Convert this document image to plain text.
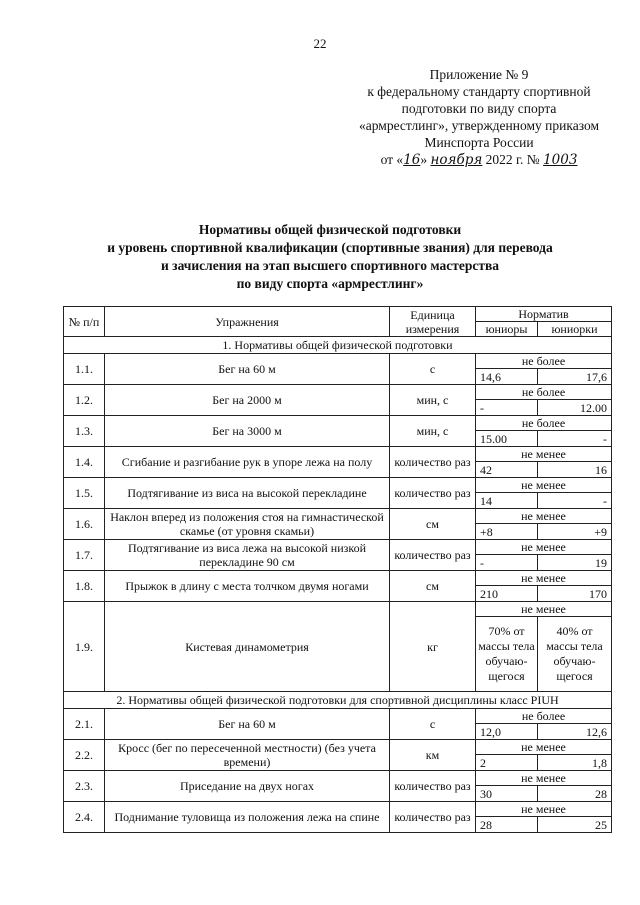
22
Приложение № 9
к федеральному стандарту спортивной
подготовки по виду спорта
«армрестлинг», утвержденному приказом
Минспорта России
от «16» ноября 2022 г. № 1003
Нормативы общей физической подготовки
и уровень спортивной квалификации (спортивные звания) для перевода
и зачисления на этап высшего спортивного мастерства
по виду спорта «армрестлинг»
№ п/п	Упражнения	Единица измерения	Норматив	
			юниоры	юниорки
1. Нормативы общей физической подготовки				
1.1.	Бег на 60 м	с	не более	
			14,6	17,6
1.2.	Бег на 2000 м	мин, с	не более	
			-	12.00
1.3.	Бег на 3000 м	мин, с	не более	
			15.00	-
1.4.	Сгибание и разгибание рук в упоре лежа на полу	количество раз	не менее	
			42	16
1.5.	Подтягивание из виса на высокой перекладине	количество раз	не менее	
			14	-
1.6.	Наклон вперед из положения стоя на гимнастической скамье (от уровня скамьи)	см	не менее	
			+8	+9
1.7.	Подтягивание из виса лежа на высокой низкой перекладине 90 см	количество раз	не менее	
			-	19
1.8.	Прыжок в длину с места толчком двумя ногами	см	не менее	
			210	170
1.9.	Кистевая динамометрия	кг	не менее	
			70% от массы тела обучаю-щегося	40% от массы тела обучаю-щегося
2. Нормативы общей физической подготовки для спортивной дисциплины класс PIUH				
2.1.	Бег на 60 м	с	не более	
			12,0	12,6
2.2.	Кросс (бег по пересеченной местности) (без учета времени)	км	не менее	
			2	1,8
2.3.	Приседание на двух ногах	количество раз	не менее	
			30	28
2.4.	Поднимание туловища из положения лежа на спине	количество раз	не менее	
			28	25
